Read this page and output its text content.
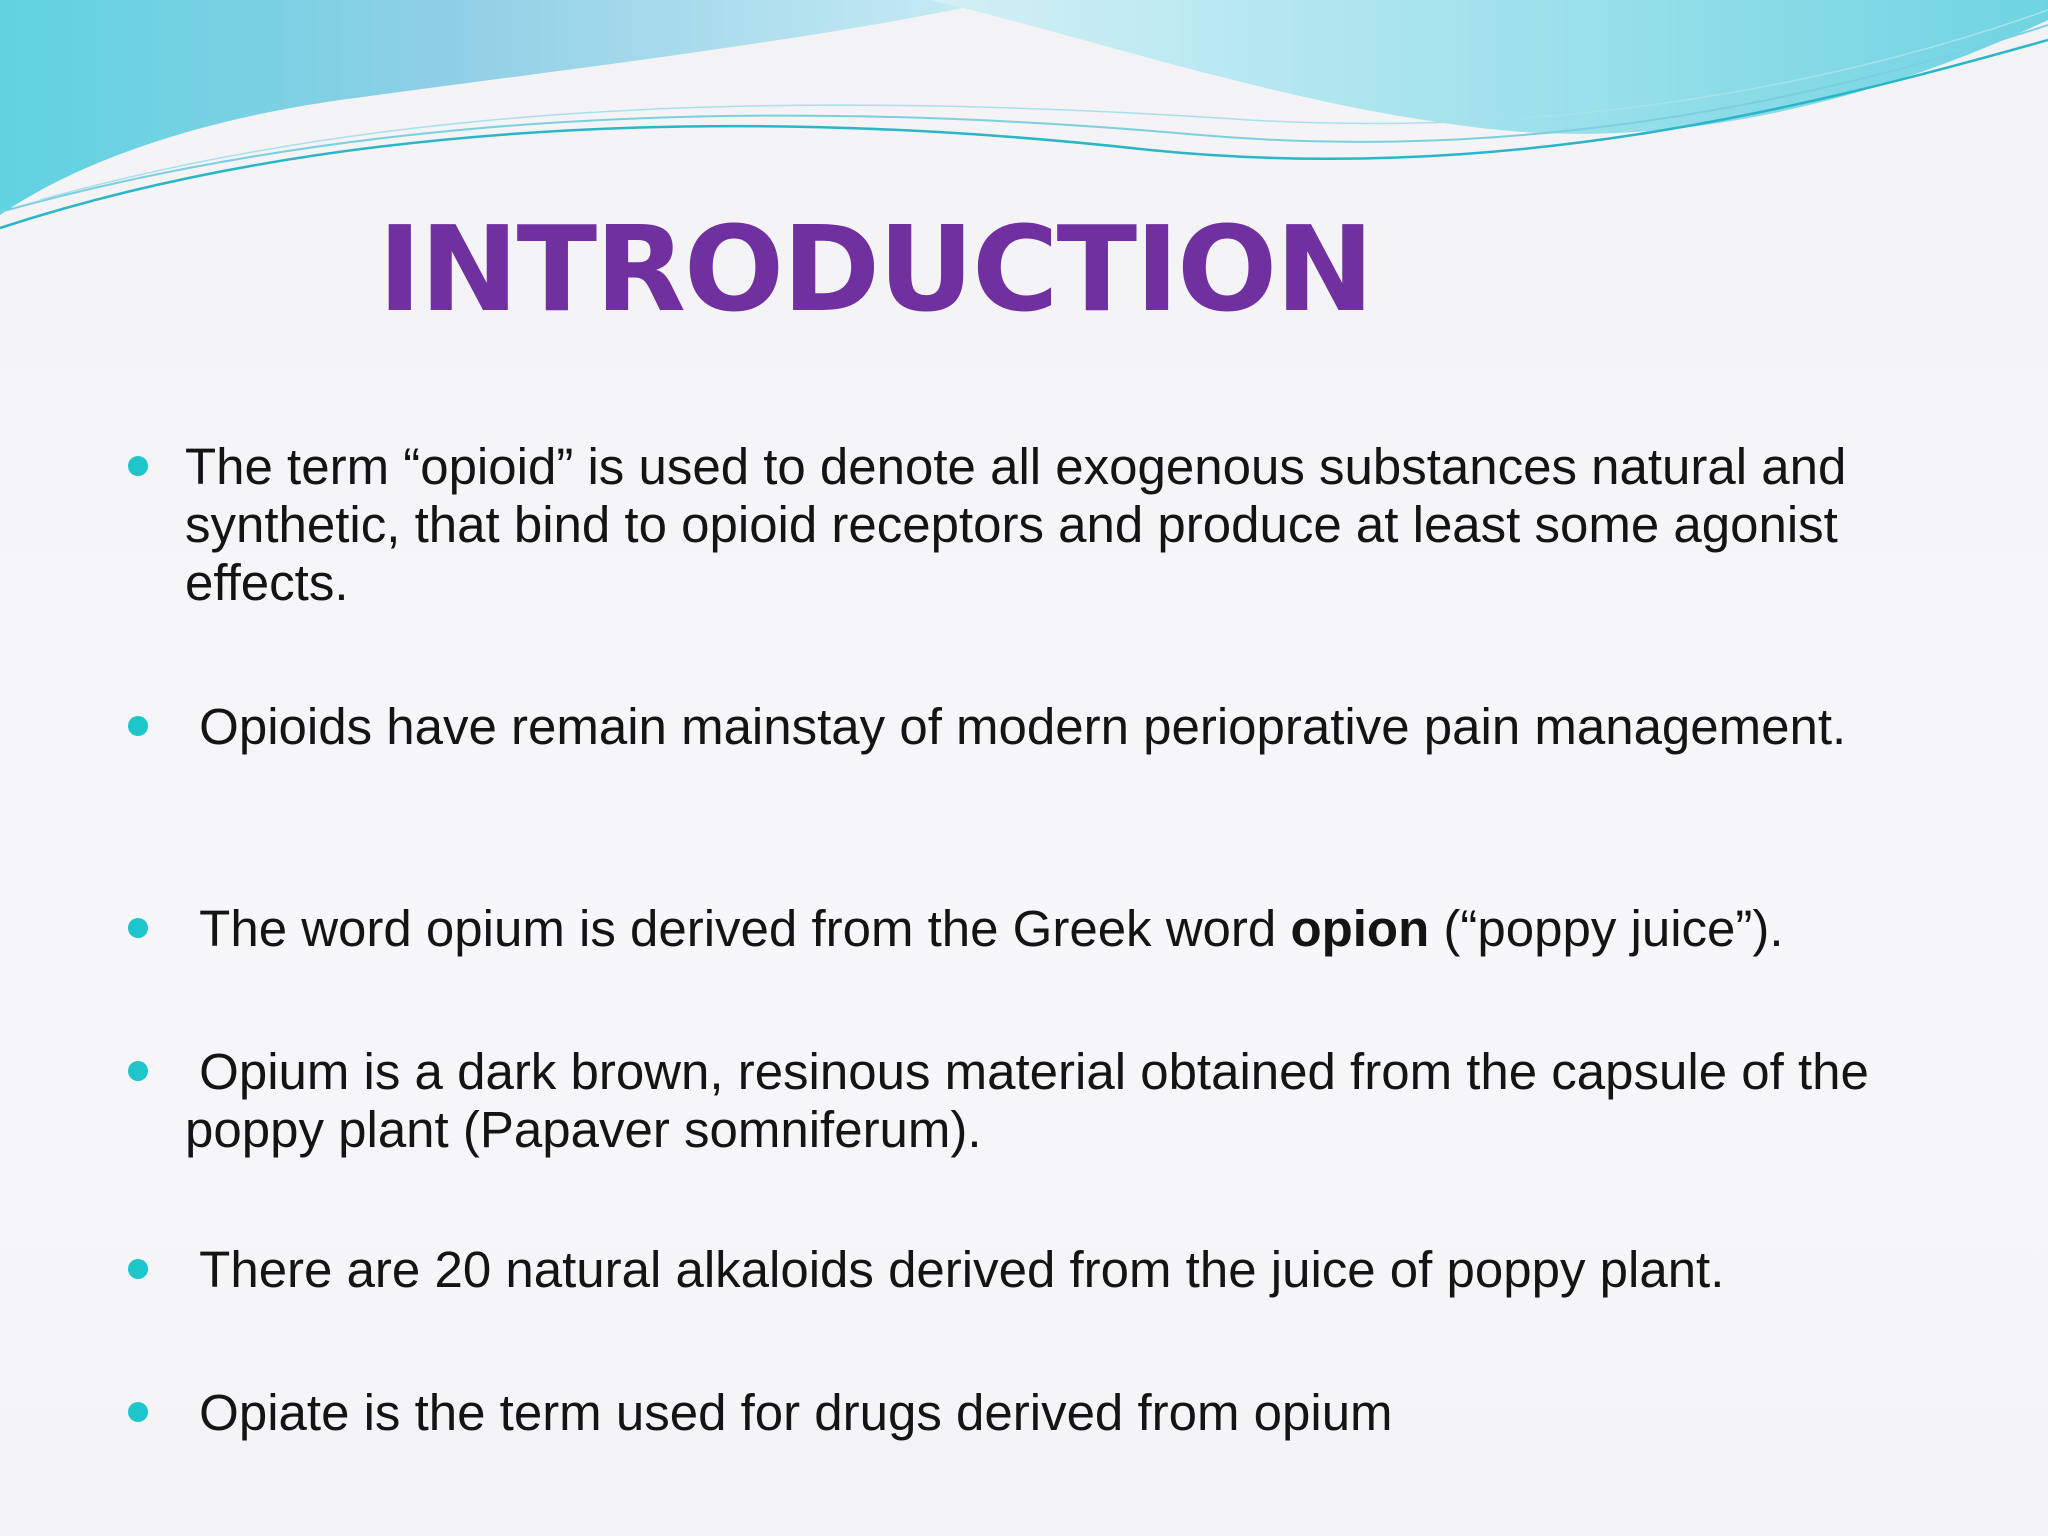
INTRODUCTION
The term “opioid” is used to denote all exogenous substances natural and synthetic, that bind to opioid receptors and produce at least some agonist effects.
Opioids have remain mainstay of modern perioprative pain management.
The word opium is derived from the Greek word opion (“poppy juice”).
Opium is a dark brown, resinous material obtained from the capsule of the poppy plant (Papaver somniferum).
There are 20 natural alkaloids derived from the juice of poppy plant.
Opiate is the term used for drugs derived from opium
